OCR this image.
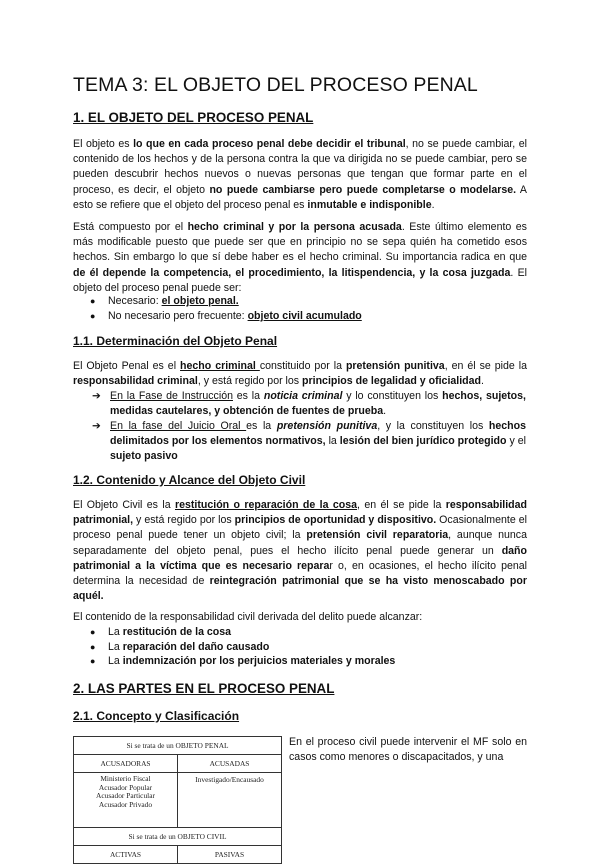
TEMA 3: EL OBJETO DEL PROCESO PENAL
1. EL OBJETO DEL PROCESO PENAL

El objeto es lo que en cada proceso penal debe decidir el tribunal, no se puede cambiar, el contenido de los hechos y de la persona contra la que va dirigida no se puede cambiar, pero se pueden descubrir hechos nuevos o nuevas personas que tengan que formar parte en el proceso, es decir, el objeto no puede cambiarse pero puede completarse o modelarse. A esto se refiere que el objeto del proceso penal es inmutable e indisponible.

Está compuesto por el hecho criminal y por la persona acusada. Este último elemento es más modificable puesto que puede ser que en principio no se sepa quién ha cometido esos hechos. Sin embargo lo que sí debe haber es el hecho criminal. Su importancia radica en que de él depende la competencia, el procedimiento, la litispendencia, y la cosa juzgada. El objeto del proceso penal puede ser:

● Necesario: el objeto penal.
● No necesario pero frecuente: objeto civil acumulado
1.1. Determinación del Objeto Penal

El Objeto Penal es el hecho criminal constituido por la pretensión punitiva, en él se pide la responsabilidad criminal, y está regido por los principios de legalidad y oficialidad.

➔ En la Fase de Instrucción es la noticia criminal y lo constituyen los hechos, sujetos, medidas cautelares, y obtención de fuentes de prueba.
➔ En la fase del Juicio Oral es la pretensión punitiva, y la constituyen los hechos delimitados por los elementos normativos, la lesión del bien jurídico protegido y el sujeto pasivo
1.2. Contenido y Alcance del Objeto Civil

El Objeto Civil es la restitución o reparación de la cosa, en él se pide la responsabilidad patrimonial, y está regido por los principios de oportunidad y dispositivo. Ocasionalmente el proceso penal puede tener un objeto civil; la pretensión civil reparatoria, aunque nunca separadamente del objeto penal, pues el hecho ilícito penal puede generar un daño patrimonial a la víctima que es necesario reparar o, en ocasiones, el hecho ilícito penal determina la necesidad de reintegración patrimonial que se ha visto menoscabado por aquél.

El contenido de la responsabilidad civil derivada del delito puede alcanzar:

● La restitución de la cosa
● La reparación del daño causado
● La indemnización por los perjuicios materiales y morales
2. LAS PARTES EN EL PROCESO PENAL
2.1. Concepto y Clasificación
Si se trata de un OBJETO PENAL	
ACUSADORAS	ACUSADAS

Ministerio Fiscal
Acusador Popular
Acusador Particular
Acusador Privado	Investigado/Encausado
Si se trata de un OBJETO CIVIL	
ACTIVAS	PASIVAS

En el proceso civil puede intervenir el MF solo en casos como menores o discapacitados, y una
